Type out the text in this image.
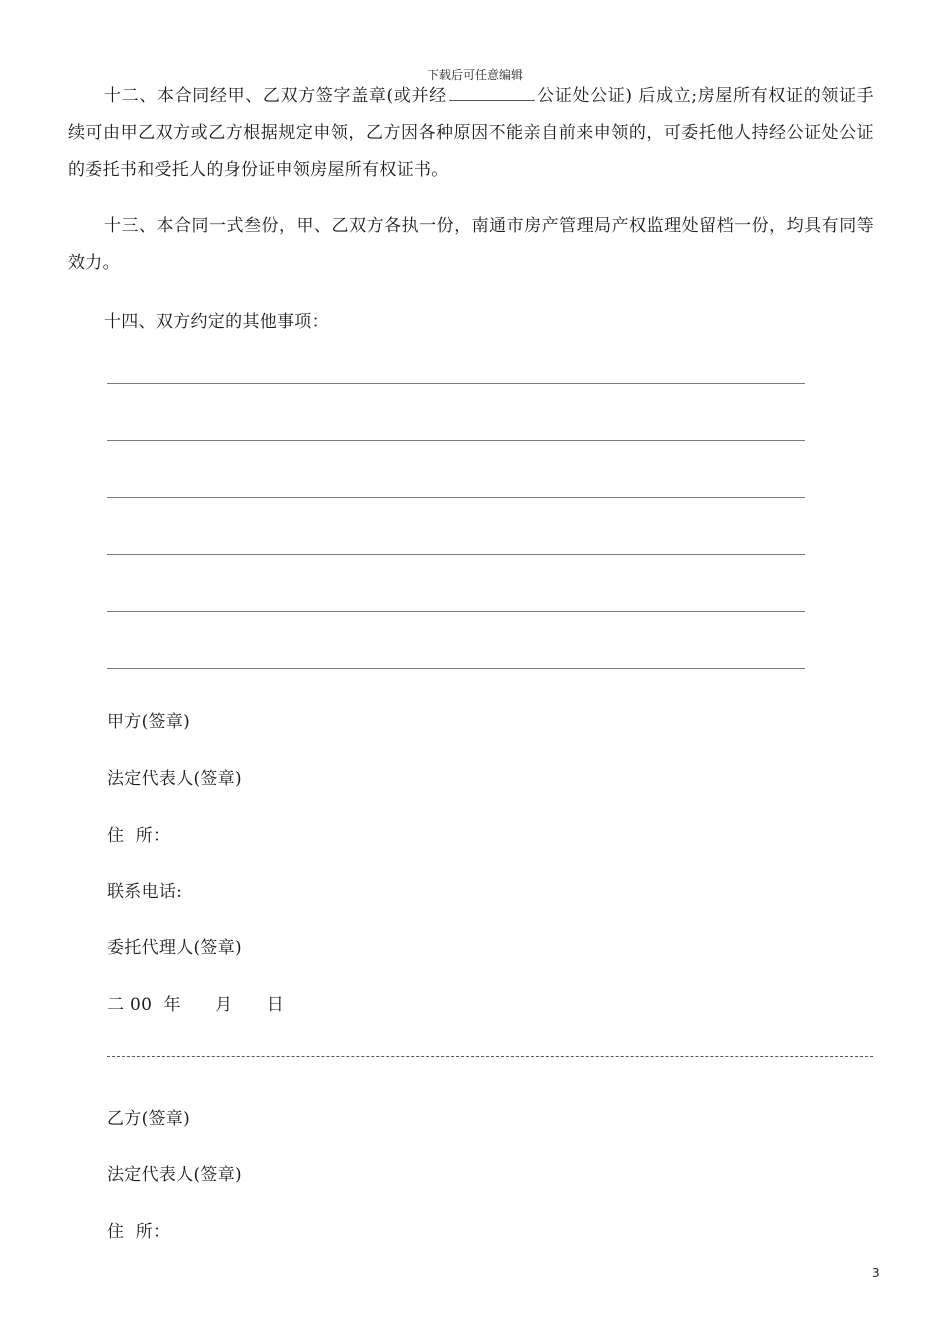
下载后可任意编辑
十二、本合同经甲、乙双方签字盖章(或并经	公证处公证) 后成立;房屋所有权证的领证手续可由甲乙双方或乙方根据规定申领，乙方因各种原因不能亲自前来申领的，可委托他人持经公证处公证的委托书和受托人的身份证申领房屋所有权证书。
十三、本合同一式叁份，甲、乙双方各执一份，南通市房产管理局产权监理处留档一份，均具有同等效力。
十四、双方约定的其他事项：
甲方(签章)
法定代表人(签章)
住  所：
联系电话:
委托代理人(签章)
二 00  年      月      日
乙方(签章)
法定代表人(签章)
住  所：
3
